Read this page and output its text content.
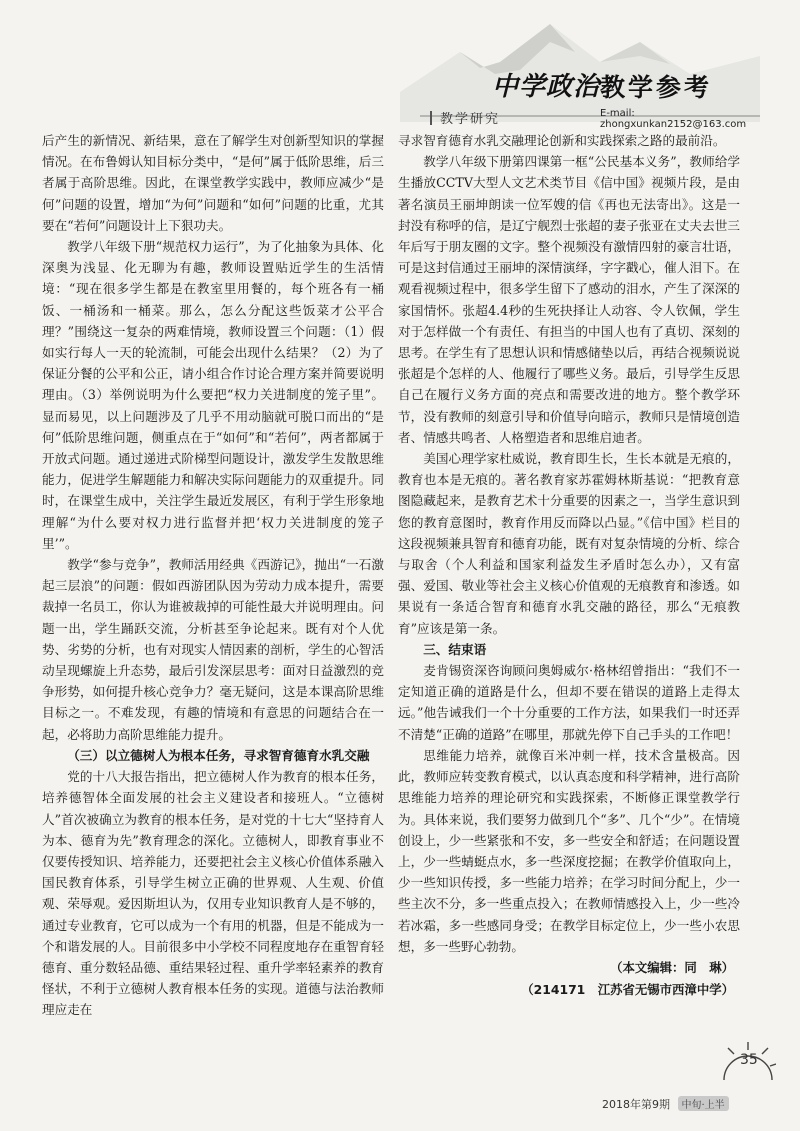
中学政治 教学参考
教学研究	E-mail: zhongxunkan2152@163.com

后产生的新情况、新结果，意在了解学生对创新型知识的掌握情况。在布鲁姆认知目标分类中，“是何”属于低阶思维，后三者属于高阶思维。因此，在课堂教学实践中，教师应减少“是何”问题的设置，增加“为何”问题和“如何”问题的比重，尤其要在“若何”问题设计上下狠功夫。

教学八年级下册“规范权力运行”，为了化抽象为具体、化深奥为浅显、化无聊为有趣，教师设置贴近学生的生活情境：“现在很多学生都是在教室里用餐的，每个班各有一桶饭、一桶汤和一桶菜。那么，怎么分配这些饭菜才公平合理？”围绕这一复杂的两难情境，教师设置三个问题：（1）假如实行每人一天的轮流制，可能会出现什么结果？（2）为了保证分餐的公平和公正，请小组合作讨论合理方案并简要说明理由。（3）举例说明为什么要把“权力关进制度的笼子里”。显而易见，以上问题涉及了几乎不用动脑就可脱口而出的“是何”低阶思维问题，侧重点在于“如何”和“若何”，两者都属于开放式问题。通过递进式阶梯型问题设计，激发学生发散思维能力，促进学生解题能力和解决实际问题能力的双重提升。同时，在课堂生成中，关注学生最近发展区，有利于学生形象地理解“为什么要对权力进行监督并把‘权力关进制度的笼子里’”。

教学“参与竞争”，教师活用经典《西游记》，抛出“一石激起三层浪”的问题：假如西游团队因为劳动力成本提升，需要裁掉一名员工，你认为谁被裁掉的可能性最大并说明理由。问题一出，学生踊跃交流，分析甚至争论起来。既有对个人优势、劣势的分析，也有对现实人情因素的剖析，学生的心智活动呈现螺旋上升态势，最后引发深层思考：面对日益激烈的竞争形势，如何提升核心竞争力？毫无疑问，这是本课高阶思维目标之一。不难发现，有趣的情境和有意思的问题结合在一起，必将助力高阶思维能力提升。

（三）以立德树人为根本任务，寻求智育德育水乳交融

党的十八大报告指出，把立德树人作为教育的根本任务，培养德智体全面发展的社会主义建设者和接班人。“立德树人”首次被确立为教育的根本任务，是对党的十七大“坚持育人为本、德育为先”教育理念的深化。立德树人，即教育事业不仅要传授知识、培养能力，还要把社会主义核心价值体系融入国民教育体系，引导学生树立正确的世界观、人生观、价值观、荣辱观。爱因斯坦认为，仅用专业知识教育人是不够的，通过专业教育，它可以成为一个有用的机器，但是不能成为一个和谐发展的人。目前很多中小学校不同程度地存在重智育轻德育、重分数轻品德、重结果轻过程、重升学率轻素养的教育怪状，不利于立德树人教育根本任务的实现。道德与法治教师理应走在

寻求智育德育水乳交融理论创新和实践探索之路的最前沿。

教学八年级下册第四课第一框“公民基本义务”，教师给学生播放CCTV大型人文艺术类节目《信中国》视频片段，是由著名演员王丽坤朗读一位军嫂的信《再也无法寄出》。这是一封没有称呼的信，是辽宁舰烈士张超的妻子张亚在丈夫去世三年后写于朋友圈的文字。整个视频没有激情四射的豪言壮语，可是这封信通过王丽坤的深情演绎，字字戳心，催人泪下。在观看视频过程中，很多学生留下了感动的泪水，产生了深深的家国情怀。张超4.4秒的生死抉择让人动容、令人钦佩，学生对于怎样做一个有责任、有担当的中国人也有了真切、深刻的思考。在学生有了思想认识和情感储垫以后，再结合视频说说张超是个怎样的人、他履行了哪些义务。最后，引导学生反思自己在履行义务方面的亮点和需要改进的地方。整个教学环节，没有教师的刻意引导和价值导向暗示，教师只是情境创造者、情感共鸣者、人格塑造者和思维启迪者。

美国心理学家杜威说，教育即生长，生长本就是无痕的，教育也本是无痕的。著名教育家苏霍姆林斯基说：“把教育意图隐藏起来，是教育艺术十分重要的因素之一，当学生意识到您的教育意图时，教育作用反而降以凸显。”《信中国》栏目的这段视频兼具智育和德育功能，既有对复杂情境的分析、综合与取舍（个人利益和国家利益发生矛盾时怎么办），又有富强、爱国、敬业等社会主义核心价值观的无痕教育和渗透。如果说有一条适合智育和德育水乳交融的路径，那么“无痕教育”应该是第一条。

三、结束语

麦肯锡资深咨询顾问奥姆威尔·格林绍曾指出：“我们不一定知道正确的道路是什么，但却不要在错误的道路上走得太远。”他告诫我们一个十分重要的工作方法，如果我们一时还弄不清楚“正确的道路”在哪里，那就先停下自己手头的工作吧！

思维能力培养，就像百米冲刺一样，技术含量极高。因此，教师应转变教育模式，以认真态度和科学精神，进行高阶思维能力培养的理论研究和实践探索，不断修正课堂教学行为。具体来说，我们要努力做到几个“多”、几个“少”。在情境创设上，少一些紧张和不安，多一些安全和舒适；在问题设置上，少一些蜻蜓点水，多一些深度挖掘；在教学价值取向上，少一些知识传授，多一些能力培养；在学习时间分配上，少一些主次不分，多一些重点投入；在教师情感投入上，少一些冷若冰霜，多一些感同身受；在教学目标定位上，少一些小农思想，多一些野心勃勃。

（本文编辑：同　琳）

（214171　江苏省无锡市西漳中学）

35
2018年第9期 中旬·上半
